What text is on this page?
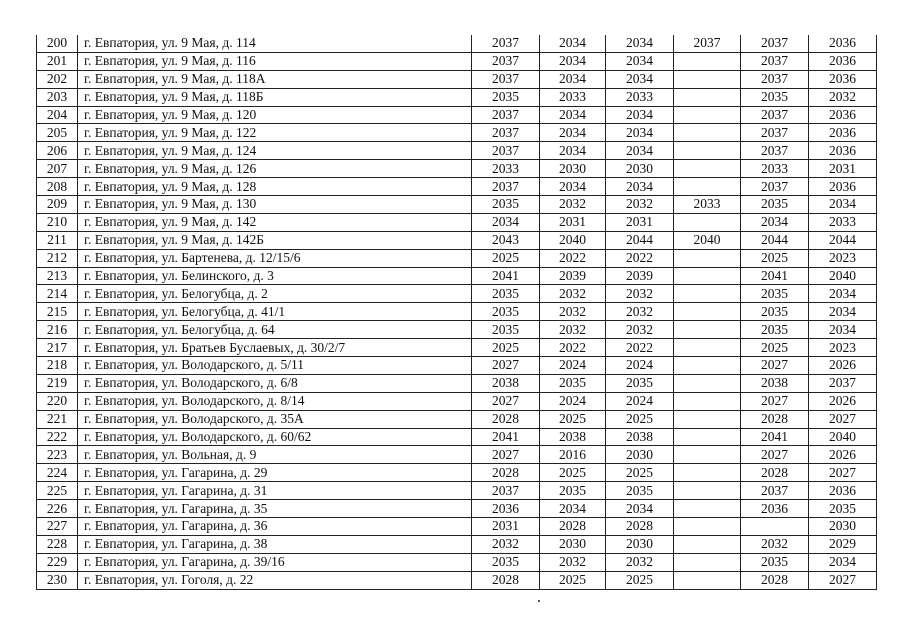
200	г. Евпатория, ул. 9 Мая, д. 114	2037	2034	2034	2037	2037	2036
201	г. Евпатория, ул. 9 Мая, д. 116	2037	2034	2034		2037	2036
202	г. Евпатория, ул. 9 Мая, д. 118А	2037	2034	2034		2037	2036
203	г. Евпатория, ул. 9 Мая, д. 118Б	2035	2033	2033		2035	2032
204	г. Евпатория, ул. 9 Мая, д. 120	2037	2034	2034		2037	2036
205	г. Евпатория, ул. 9 Мая, д. 122	2037	2034	2034		2037	2036
206	г. Евпатория, ул. 9 Мая, д. 124	2037	2034	2034		2037	2036
207	г. Евпатория, ул. 9 Мая, д. 126	2033	2030	2030		2033	2031
208	г. Евпатория, ул. 9 Мая, д. 128	2037	2034	2034		2037	2036
209	г. Евпатория, ул. 9 Мая, д. 130	2035	2032	2032	2033	2035	2034
210	г. Евпатория, ул. 9 Мая, д. 142	2034	2031	2031		2034	2033
211	г. Евпатория, ул. 9 Мая, д. 142Б	2043	2040	2044	2040	2044	2044
212	г. Евпатория, ул. Бартенева, д. 12/15/6	2025	2022	2022		2025	2023
213	г. Евпатория, ул. Белинского, д. 3	2041	2039	2039		2041	2040
214	г. Евпатория, ул. Белогубца, д. 2	2035	2032	2032		2035	2034
215	г. Евпатория, ул. Белогубца, д. 41/1	2035	2032	2032		2035	2034
216	г. Евпатория, ул. Белогубца, д. 64	2035	2032	2032		2035	2034
217	г. Евпатория, ул. Братьев Буслаевых, д. 30/2/7	2025	2022	2022		2025	2023
218	г. Евпатория, ул. Володарского, д. 5/11	2027	2024	2024		2027	2026
219	г. Евпатория, ул. Володарского, д. 6/8	2038	2035	2035		2038	2037
220	г. Евпатория, ул. Володарского, д. 8/14	2027	2024	2024		2027	2026
221	г. Евпатория, ул. Володарского, д. 35А	2028	2025	2025		2028	2027
222	г. Евпатория, ул. Володарского, д. 60/62	2041	2038	2038		2041	2040
223	г. Евпатория, ул. Вольная, д. 9	2027	2016	2030		2027	2026
224	г. Евпатория, ул. Гагарина, д. 29	2028	2025	2025		2028	2027
225	г. Евпатория, ул. Гагарина, д. 31	2037	2035	2035		2037	2036
226	г. Евпатория, ул. Гагарина, д. 35	2036	2034	2034		2036	2035
227	г. Евпатория, ул. Гагарина, д. 36	2031	2028	2028			2030
228	г. Евпатория, ул. Гагарина, д. 38	2032	2030	2030		2032	2029
229	г. Евпатория, ул. Гагарина, д. 39/16	2035	2032	2032		2035	2034
230	г. Евпатория, ул. Гоголя, д. 22	2028	2025	2025		2028	2027
